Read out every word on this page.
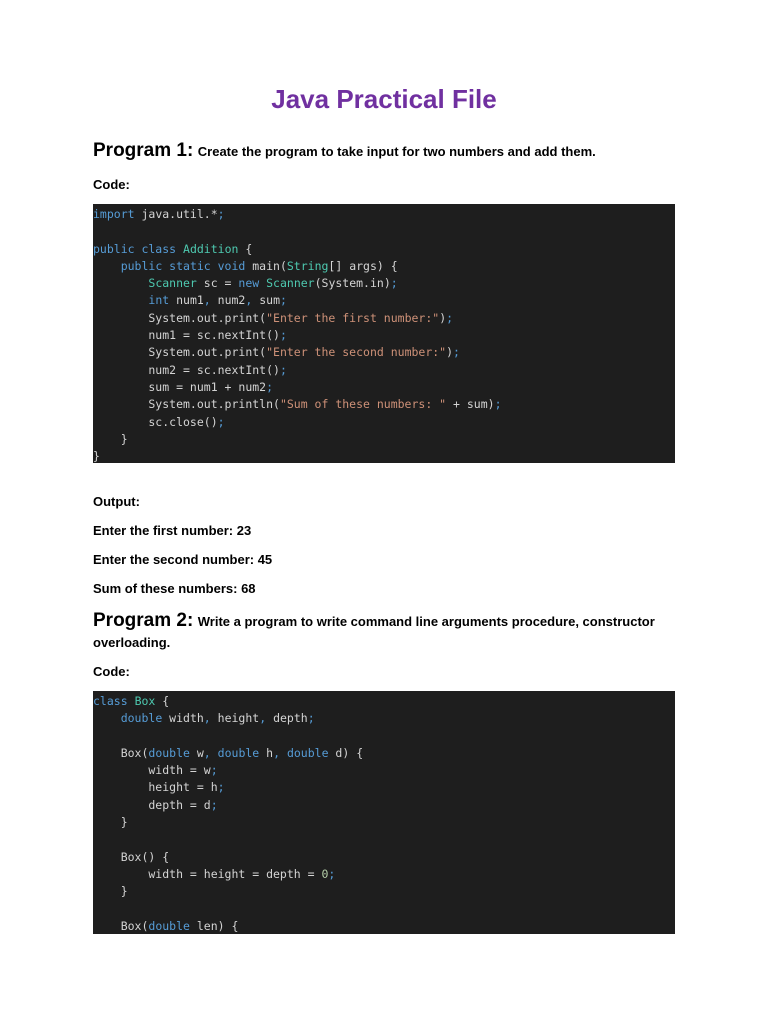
Java Practical File
Program 1: Create the program to take input for two numbers and add them.
Code:
import java.util.*;
public class Addition {
public static void main(String[] args) {
Scanner sc = new Scanner(System.in);
int num1, num2, sum;
System.out.print("Enter the first number:");
num1 = sc.nextInt();
System.out.print("Enter the second number:");
num2 = sc.nextInt();
sum = num1 + num2;
System.out.println("Sum of these numbers: " + sum);
sc.close();
}
}
Output:
Enter the first number: 23
Enter the second number: 45
Sum of these numbers: 68
Program 2: Write a program to write command line arguments procedure, constructor overloading.
Code:
class Box {
double width, height, depth;
Box(double w, double h, double d) {
width = w;
height = h;
depth = d;
}
Box() {
width = height = depth = 0;
}
Box(double len) {
